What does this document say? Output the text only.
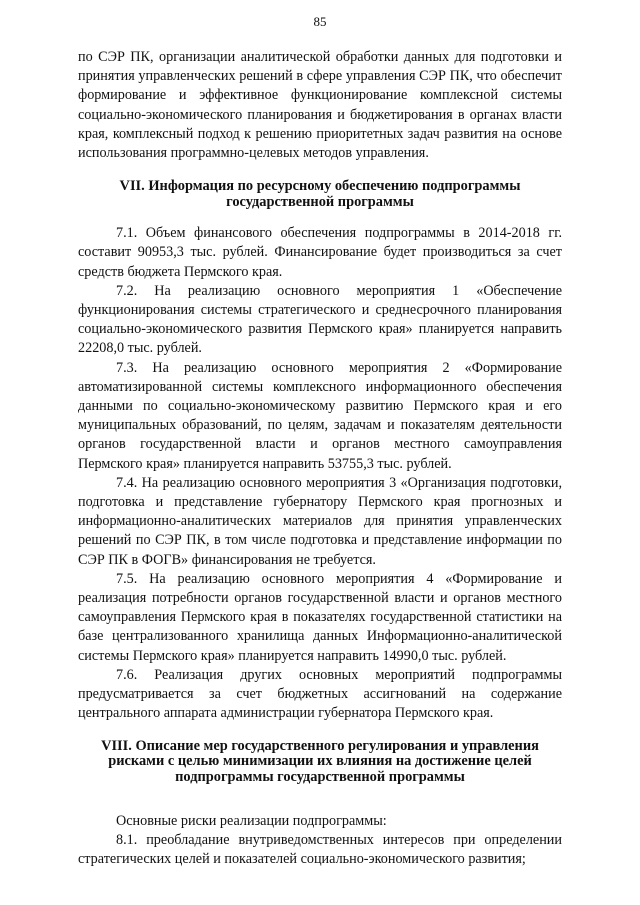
85

по СЭР ПК, организации аналитической обработки данных для подготовки и принятия управленческих решений в сфере управления СЭР ПК, что обеспечит формирование и эффективное функционирование комплексной системы социально-экономического планирования и бюджетирования в органах власти края, комплексный подход к решению приоритетных задач развития на основе использования программно-целевых методов управления.

VII. Информация по ресурсному обеспечению подпрограммы
государственной программы

7.1. Объем финансового обеспечения подпрограммы в 2014-2018 гг. составит 90953,3 тыс. рублей. Финансирование будет производиться за счет средств бюджета Пермского края.

7.2. На реализацию основного мероприятия 1 «Обеспечение функционирования системы стратегического и среднесрочного планирования социально-экономического развития Пермского края» планируется направить 22208,0 тыс. рублей.

7.3. На реализацию основного мероприятия 2 «Формирование автоматизированной системы комплексного информационного обеспечения данными по социально-экономическому развитию Пермского края и его муниципальных образований, по целям, задачам и показателям деятельности органов государственной власти и органов местного самоуправления Пермского края» планируется направить 53755,3 тыс. рублей.

7.4. На реализацию основного мероприятия 3 «Организация подготовки, подготовка и представление губернатору Пермского края прогнозных и информационно-аналитических материалов для принятия управленческих решений по СЭР ПК, в том числе подготовка и представление информации по СЭР ПК в ФОГВ» финансирования не требуется.

7.5. На реализацию основного мероприятия 4 «Формирование и реализация потребности органов государственной власти и органов местного самоуправления Пермского края в показателях государственной статистики на базе централизованного хранилища данных Информационно-аналитической системы Пермского края» планируется направить 14990,0 тыс. рублей.

7.6. Реализация других основных мероприятий подпрограммы предусматривается за счет бюджетных ассигнований на содержание центрального аппарата администрации губернатора Пермского края.

VIII. Описание мер государственного регулирования и управления
рисками с целью минимизации их влияния на достижение целей
подпрограммы государственной программы

Основные риски реализации подпрограммы:

8.1. преобладание внутриведомственных интересов при определении стратегических целей и показателей социально-экономического развития;
